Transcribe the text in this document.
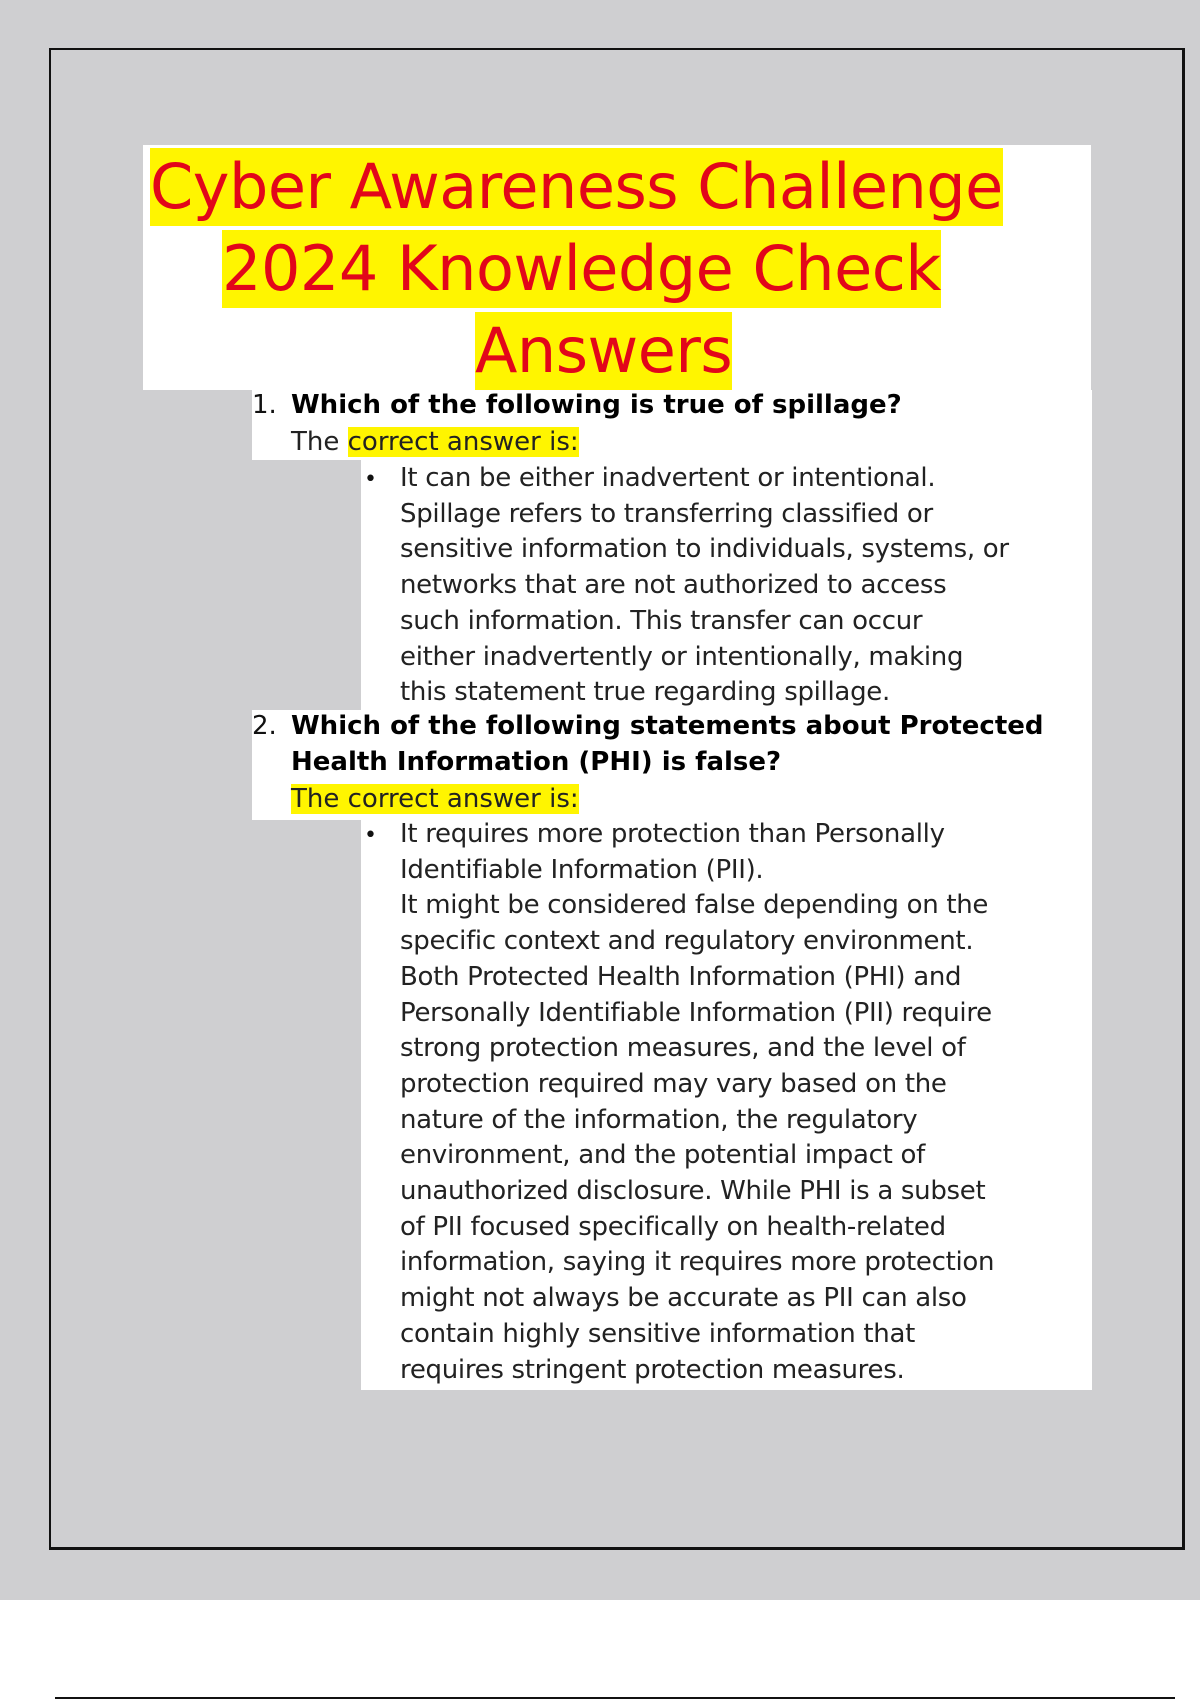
Cyber Awareness Challenge
2024 Knowledge Check
Answers
1. Which of the following is true of spillage?
The correct answer is:
• It can be either inadvertent or intentional.
Spillage refers to transferring classified or
sensitive information to individuals, systems, or
networks that are not authorized to access
such information. This transfer can occur
either inadvertently or intentionally, making
this statement true regarding spillage.
2. Which of the following statements about Protected
Health Information (PHI) is false?
The correct answer is:
• It requires more protection than Personally
Identifiable Information (PII).
It might be considered false depending on the
specific context and regulatory environment.
Both Protected Health Information (PHI) and
Personally Identifiable Information (PII) require
strong protection measures, and the level of
protection required may vary based on the
nature of the information, the regulatory
environment, and the potential impact of
unauthorized disclosure. While PHI is a subset
of PII focused specifically on health-related
information, saying it requires more protection
might not always be accurate as PII can also
contain highly sensitive information that
requires stringent protection measures.
